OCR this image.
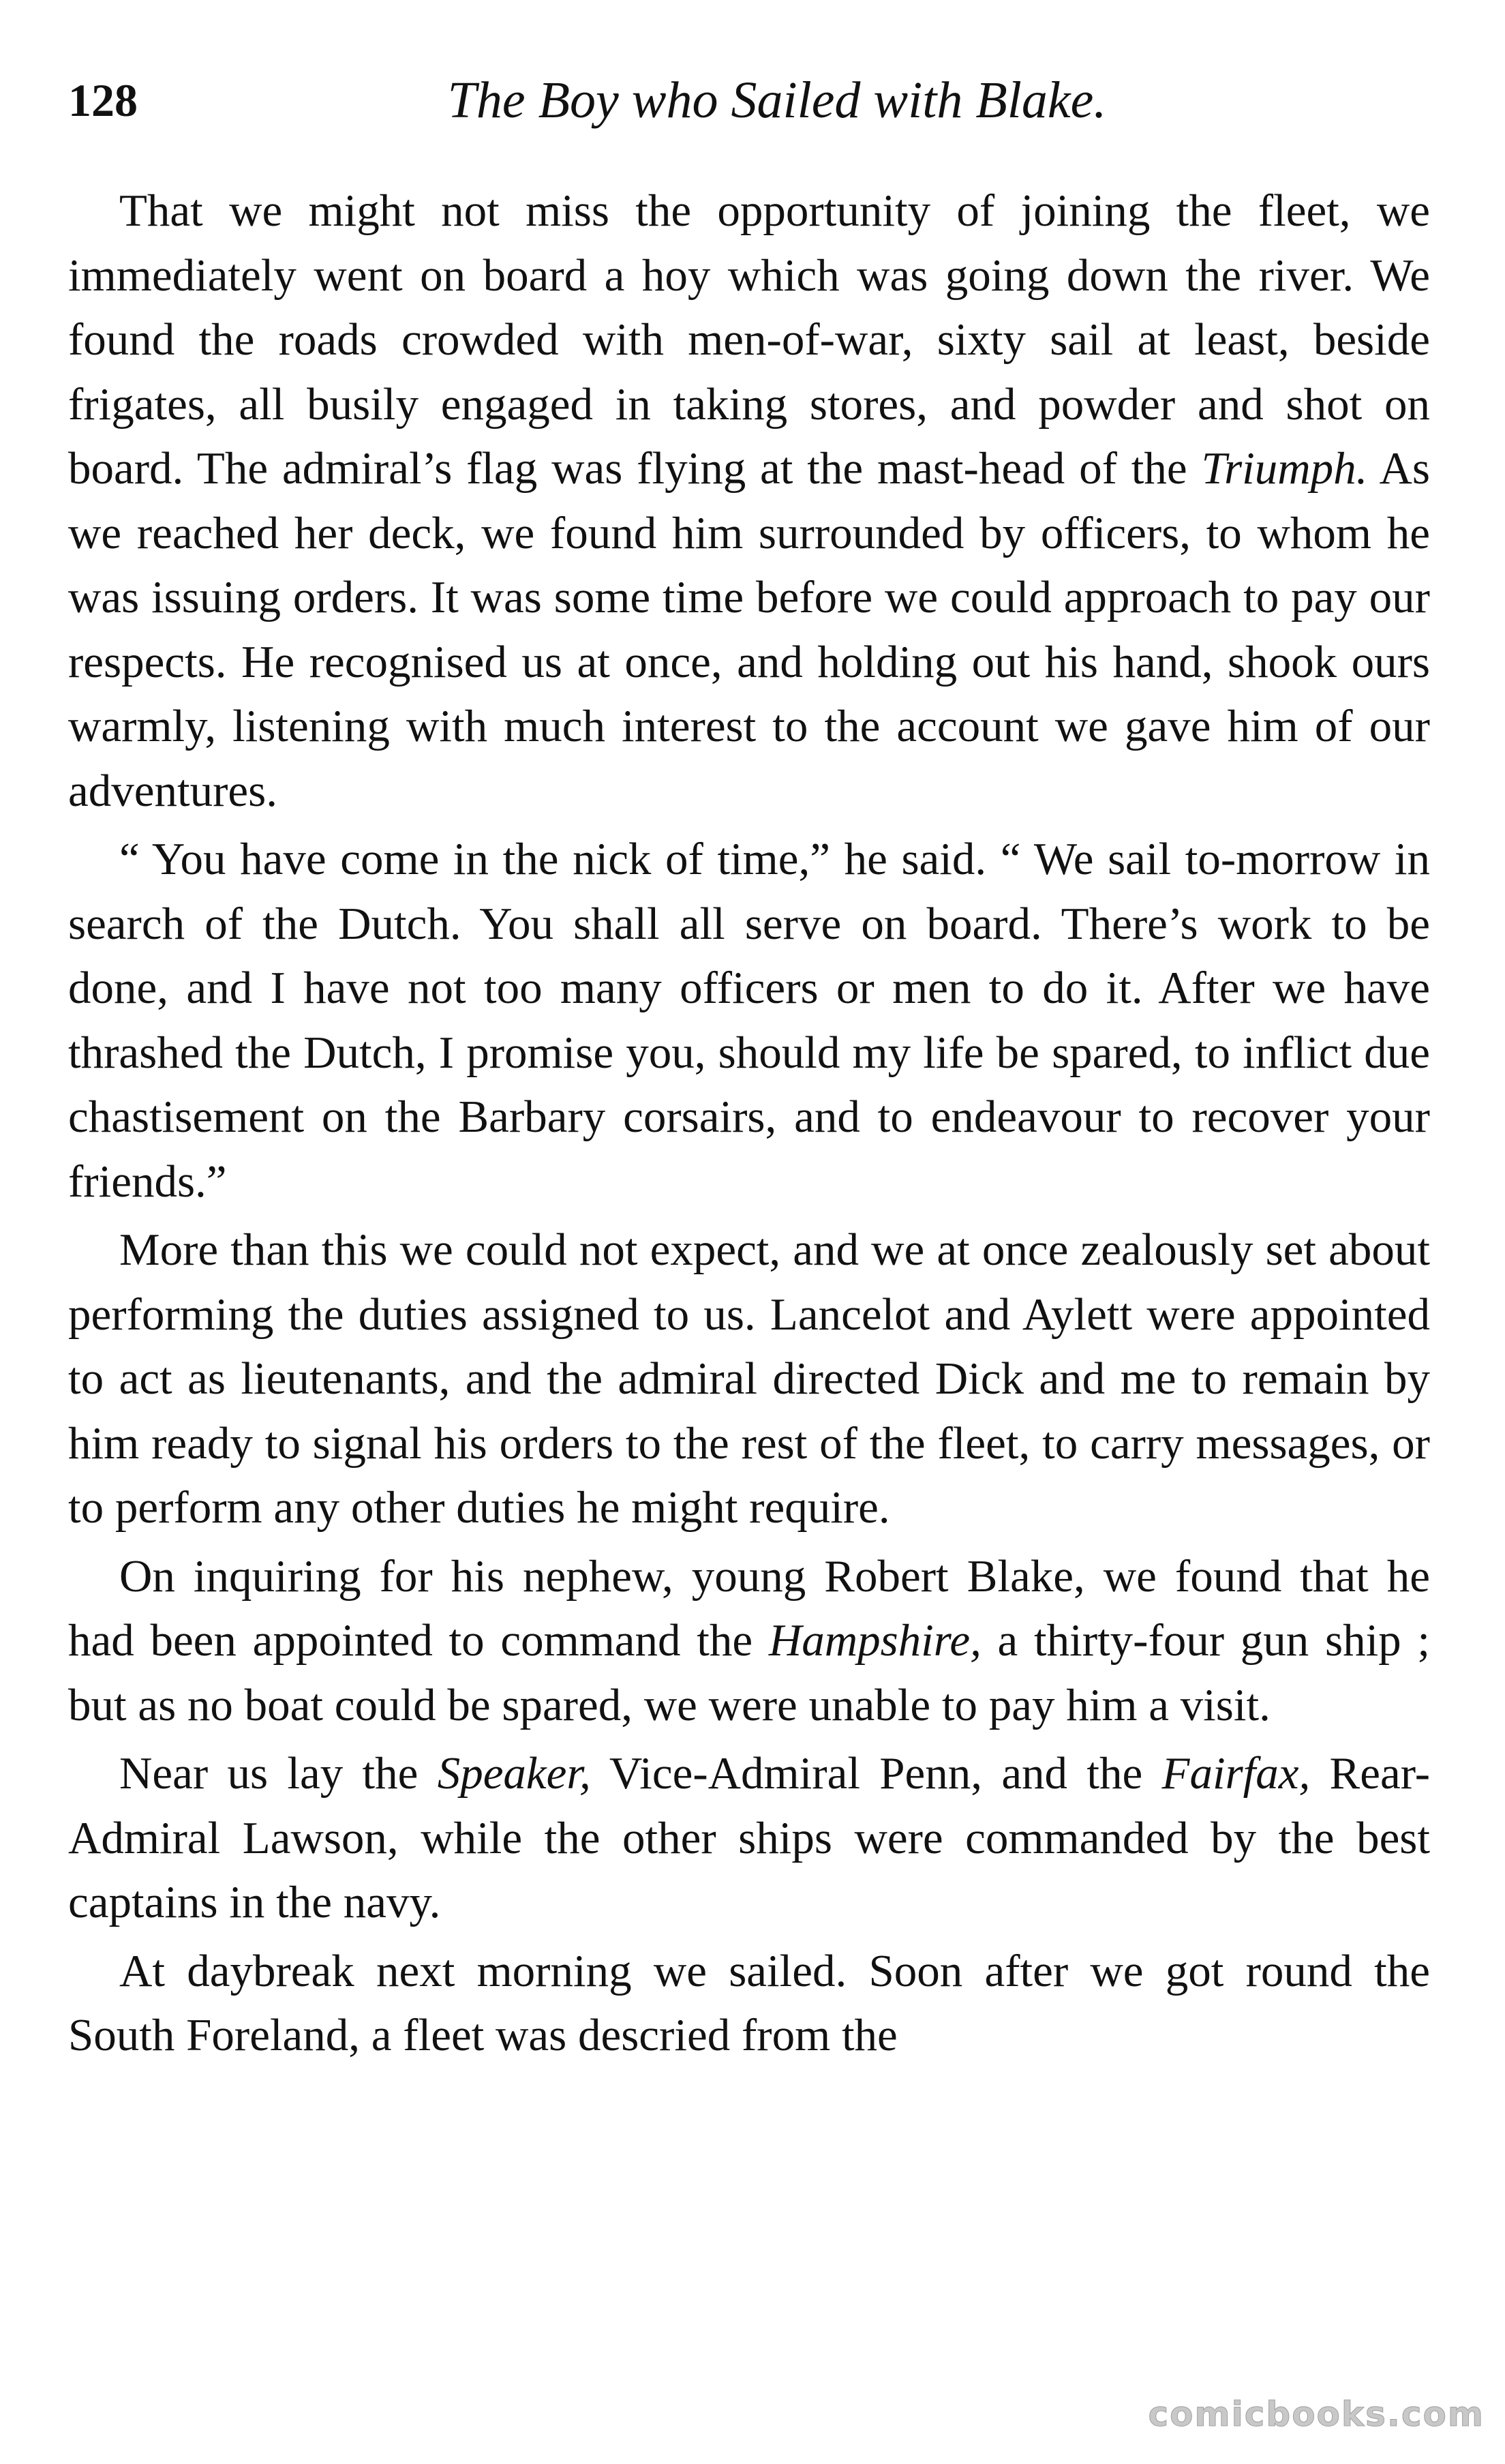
128	The Boy who Sailed with Blake.

That we might not miss the opportunity of joining the fleet, we immediately went on board a hoy which was going down the river. We found the roads crowded with men-of-war, sixty sail at least, beside frigates, all busily engaged in taking stores, and powder and shot on board. The admiral’s flag was flying at the mast-head of the Triumph. As we reached her deck, we found him surrounded by officers, to whom he was issuing orders. It was some time before we could approach to pay our respects. He recognised us at once, and holding out his hand, shook ours warmly, listening with much interest to the account we gave him of our adventures.

“ You have come in the nick of time,” he said. “ We sail to-morrow in search of the Dutch. You shall all serve on board. There’s work to be done, and I have not too many officers or men to do it. After we have thrashed the Dutch, I promise you, should my life be spared, to inflict due chastisement on the Barbary corsairs, and to endeavour to recover your friends.”

More than this we could not expect, and we at once zealously set about performing the duties assigned to us. Lancelot and Aylett were appointed to act as lieutenants, and the admiral directed Dick and me to remain by him ready to signal his orders to the rest of the fleet, to carry messages, or to perform any other duties he might require.

On inquiring for his nephew, young Robert Blake, we found that he had been appointed to command the Hampshire, a thirty-four gun ship ; but as no boat could be spared, we were unable to pay him a visit.

Near us lay the Speaker, Vice-Admiral Penn, and the Fairfax, Rear-Admiral Lawson, while the other ships were commanded by the best captains in the navy.

At daybreak next morning we sailed. Soon after we got round the South Foreland, a fleet was descried from the

comicbooks.com
